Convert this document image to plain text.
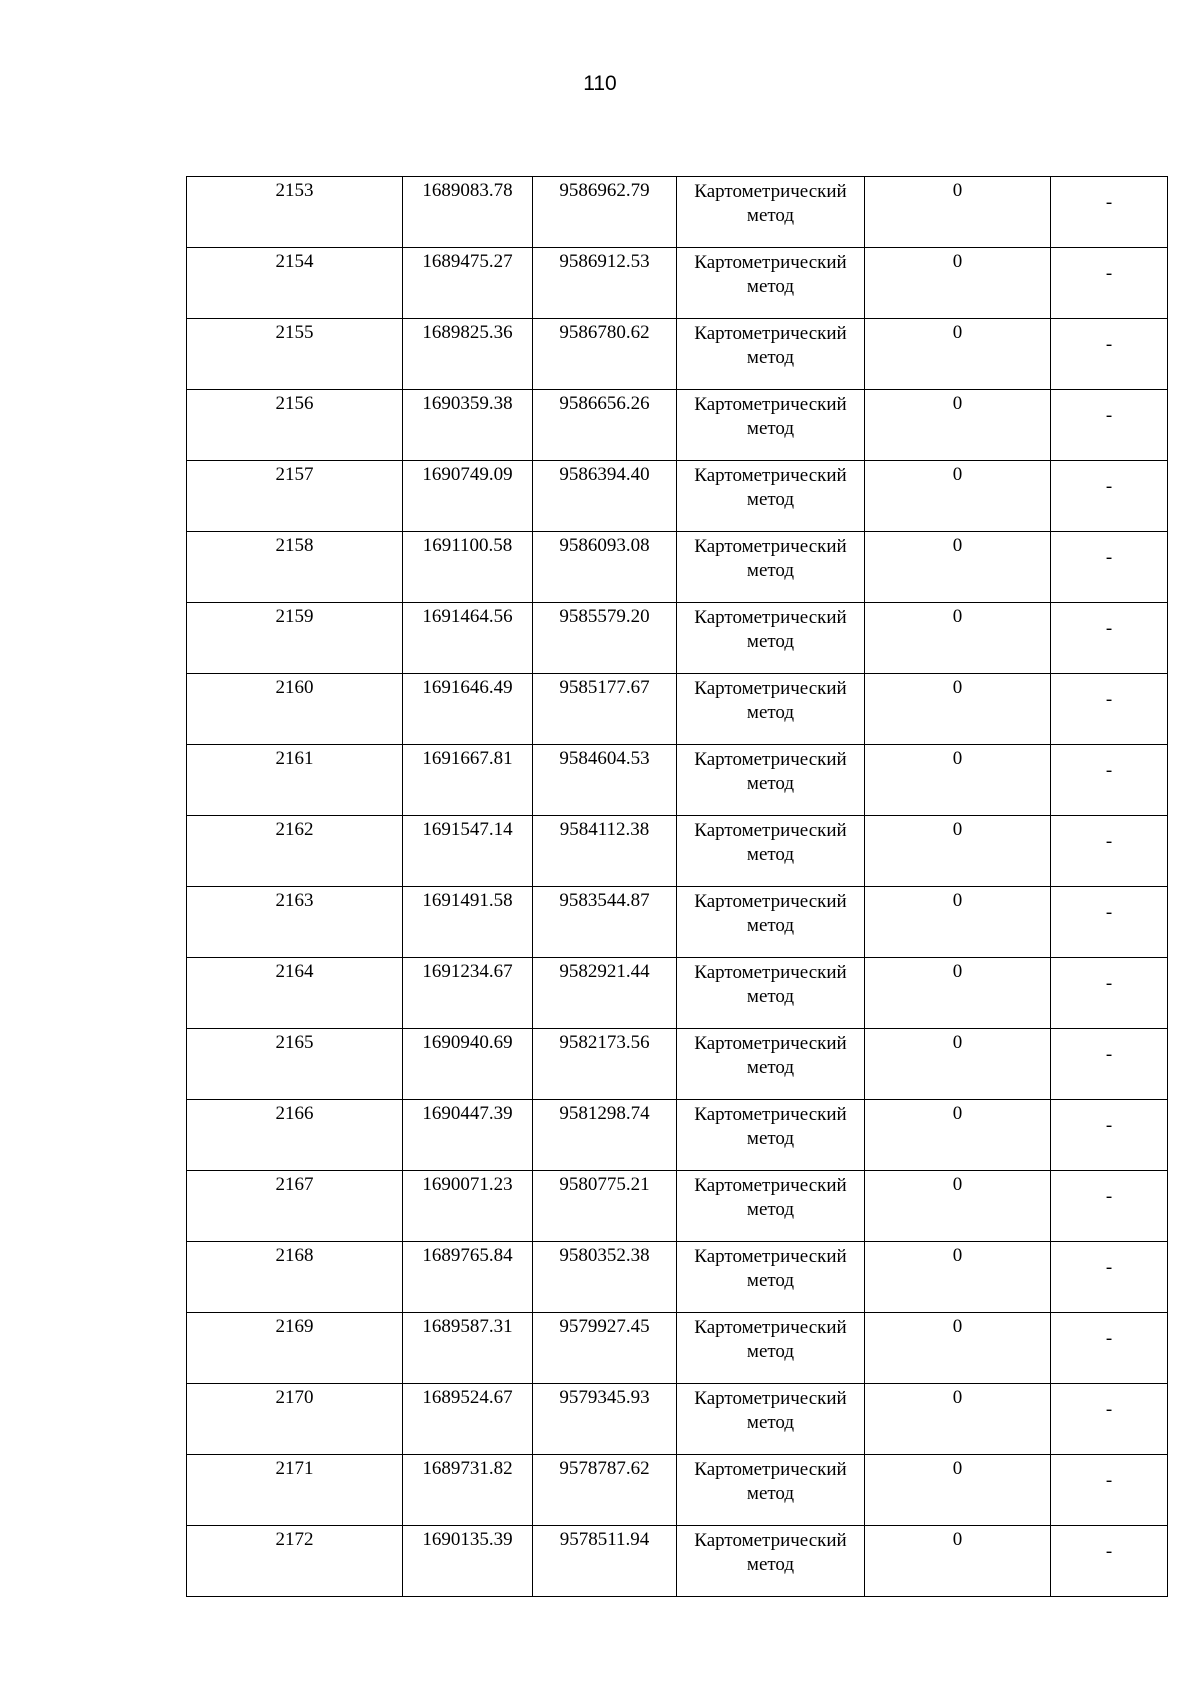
110
2153	1689083.78	9586962.79	Картометрический
метод	0	-

2154	1689475.27	9586912.53	Картометрический
метод	0	-

2155	1689825.36	9586780.62	Картометрический
метод	0	-

2156	1690359.38	9586656.26	Картометрический
метод	0	-

2157	1690749.09	9586394.40	Картометрический
метод	0	-

2158	1691100.58	9586093.08	Картометрический
метод	0	-

2159	1691464.56	9585579.20	Картометрический
метод	0	-

2160	1691646.49	9585177.67	Картометрический
метод	0	-

2161	1691667.81	9584604.53	Картометрический
метод	0	-

2162	1691547.14	9584112.38	Картометрический
метод	0	-

2163	1691491.58	9583544.87	Картометрический
метод	0	-

2164	1691234.67	9582921.44	Картометрический
метод	0	-

2165	1690940.69	9582173.56	Картометрический
метод	0	-

2166	1690447.39	9581298.74	Картометрический
метод	0	-

2167	1690071.23	9580775.21	Картометрический
метод	0	-

2168	1689765.84	9580352.38	Картометрический
метод	0	-

2169	1689587.31	9579927.45	Картометрический
метод	0	-

2170	1689524.67	9579345.93	Картометрический
метод	0	-

2171	1689731.82	9578787.62	Картометрический
метод	0	-

2172	1690135.39	9578511.94	Картометрический
метод	0	-
